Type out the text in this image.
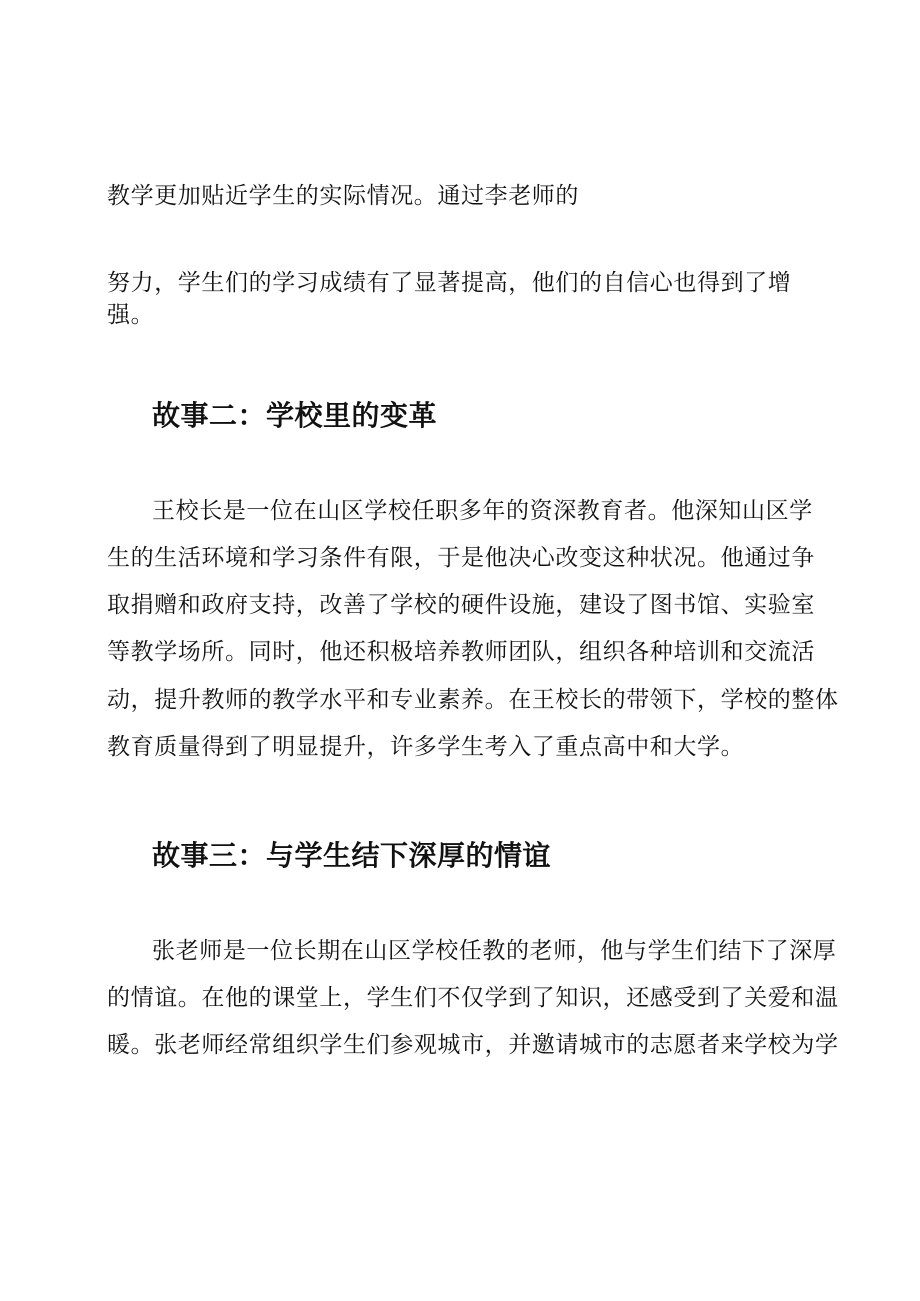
教学更加贴近学生的实际情况。通过李老师的

努力，学生们的学习成绩有了显著提高，他们的自信心也得到了增

强。

故事二：学校里的变革

王校长是一位在山区学校任职多年的资深教育者。他深知山区学

生的生活环境和学习条件有限，于是他决心改变这种状况。他通过争

取捐赠和政府支持，改善了学校的硬件设施，建设了图书馆、实验室

等教学场所。同时，他还积极培养教师团队，组织各种培训和交流活

动，提升教师的教学水平和专业素养。在王校长的带领下，学校的整体

教育质量得到了明显提升，许多学生考入了重点高中和大学。

故事三：与学生结下深厚的情谊

张老师是一位长期在山区学校任教的老师，他与学生们结下了深厚

的情谊。在他的课堂上，学生们不仅学到了知识，还感受到了关爱和温

暖。张老师经常组织学生们参观城市，并邀请城市的志愿者来学校为学
